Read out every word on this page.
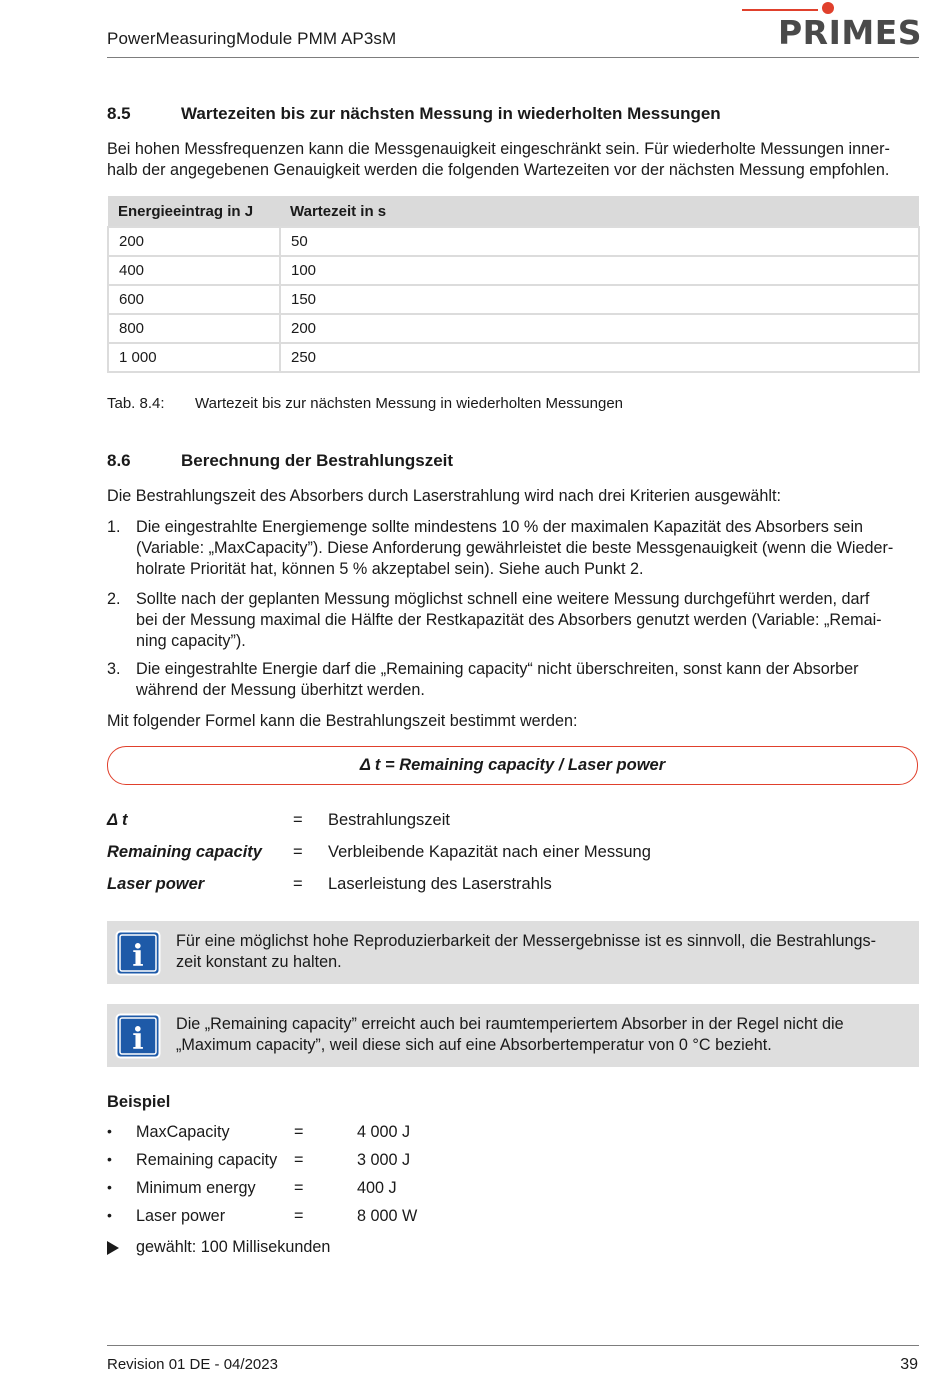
PowerMeasuringModule PMM AP3sM	PRIMES
8.5	Wartezeiten bis zur nächsten Messung in wiederholten Messungen
Bei hohen Messfrequenzen kann die Messgenauigkeit eingeschränkt sein. Für wiederholte Messungen inner-
halb der angegebenen Genauigkeit werden die folgenden Wartezeiten vor der nächsten Messung empfohlen.
Energieeintrag in J	Wartezeit in s
200	50
400	100
600	150
800	200
1 000	250
Tab. 8.4: Wartezeit bis zur nächsten Messung in wiederholten Messungen
8.6	Berechnung der Bestrahlungszeit
Die Bestrahlungszeit des Absorbers durch Laserstrahlung wird nach drei Kriterien ausgewählt:
1. Die eingestrahlte Energiemenge sollte mindestens 10 % der maximalen Kapazität des Absorbers sein
(Variable: „MaxCapacity”). Diese Anforderung gewährleistet die beste Messgenauigkeit (wenn die Wieder-
holrate Priorität hat, können 5 % akzeptabel sein). Siehe auch Punkt 2.
2. Sollte nach der geplanten Messung möglichst schnell eine weitere Messung durchgeführt werden, darf
bei der Messung maximal die Hälfte der Restkapazität des Absorbers genutzt werden (Variable: „Remai-
ning capacity”).
3. Die eingestrahlte Energie darf die „Remaining capacity“ nicht überschreiten, sonst kann der Absorber
während der Messung überhitzt werden.
Mit folgender Formel kann die Bestrahlungszeit bestimmt werden:
Δ t = Remaining capacity / Laser power
Δ t	= Bestrahlungszeit
Remaining capacity = Verbleibende Kapazität nach einer Messung
Laser power	= Laserleistung des Laserstrahls
i Für eine möglichst hohe Reproduzierbarkeit der Messergebnisse ist es sinnvoll, die Bestrahlungs-
zeit konstant zu halten.
i Die „Remaining capacity” erreicht auch bei raumtemperiertem Absorber in der Regel nicht die
„Maximum capacity”, weil diese sich auf eine Absorbertemperatur von 0 °C bezieht.
Beispiel
• MaxCapacity	=	4 000 J
• Remaining capacity =	3 000 J
• Minimum energy =	400 J
• Laser power	=	8 000 W
gewählt: 100 Millisekunden
Revision 01 DE - 04/2023	39
